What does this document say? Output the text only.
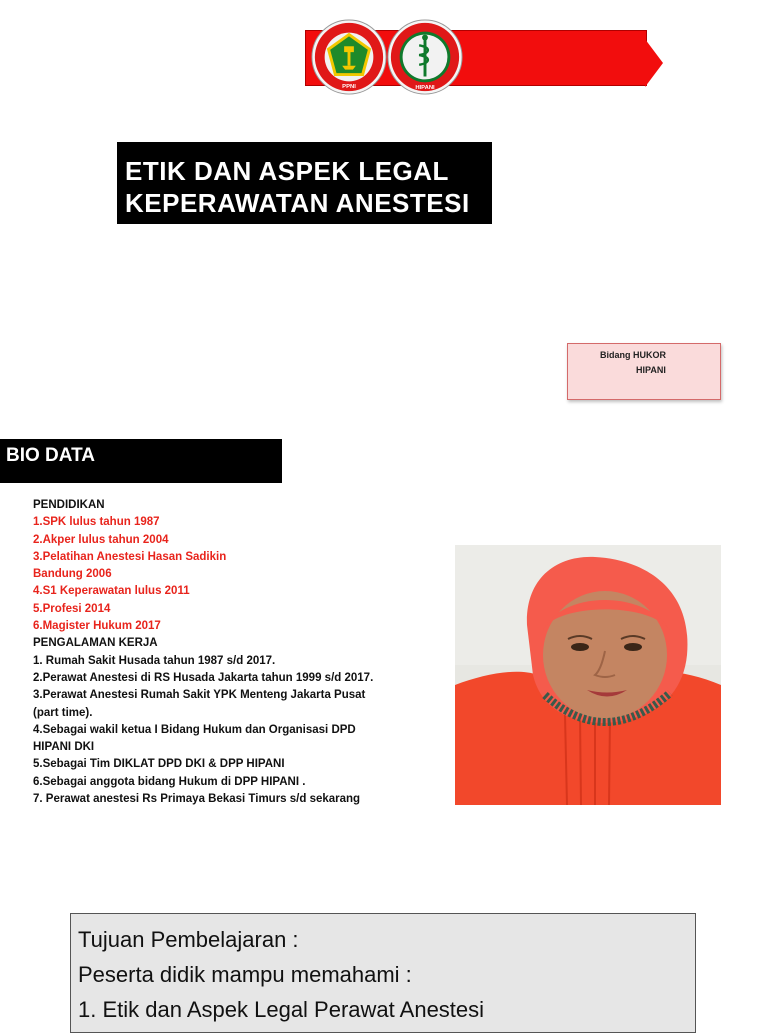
PPNI	HIPANI
ETIK DAN ASPEK LEGAL
KEPERAWATAN ANESTESI
Bidang HUKOR
HIPANI
BIO DATA
PENDIDIKAN
1.SPK lulus tahun 1987
2.Akper lulus tahun 2004
3.Pelatihan Anestesi Hasan Sadikin
Bandung 2006
4.S1 Keperawatan lulus 2011
5.Profesi 2014
6.Magister Hukum 2017
PENGALAMAN KERJA
1. Rumah Sakit Husada tahun 1987 s/d 2017.
2.Perawat Anestesi di RS Husada Jakarta tahun 1999 s/d 2017.
3.Perawat Anestesi Rumah Sakit YPK Menteng Jakarta Pusat
(part time).
4.Sebagai wakil ketua I Bidang Hukum dan Organisasi DPD
HIPANI DKI
5.Sebagai Tim DIKLAT DPD DKI & DPP HIPANI
6.Sebagai anggota bidang Hukum di DPP HIPANI .
7. Perawat anestesi Rs Primaya Bekasi Timurs s/d sekarang
Tujuan Pembelajaran :
Peserta didik mampu memahami :
1. Etik dan Aspek Legal Perawat Anestesi
